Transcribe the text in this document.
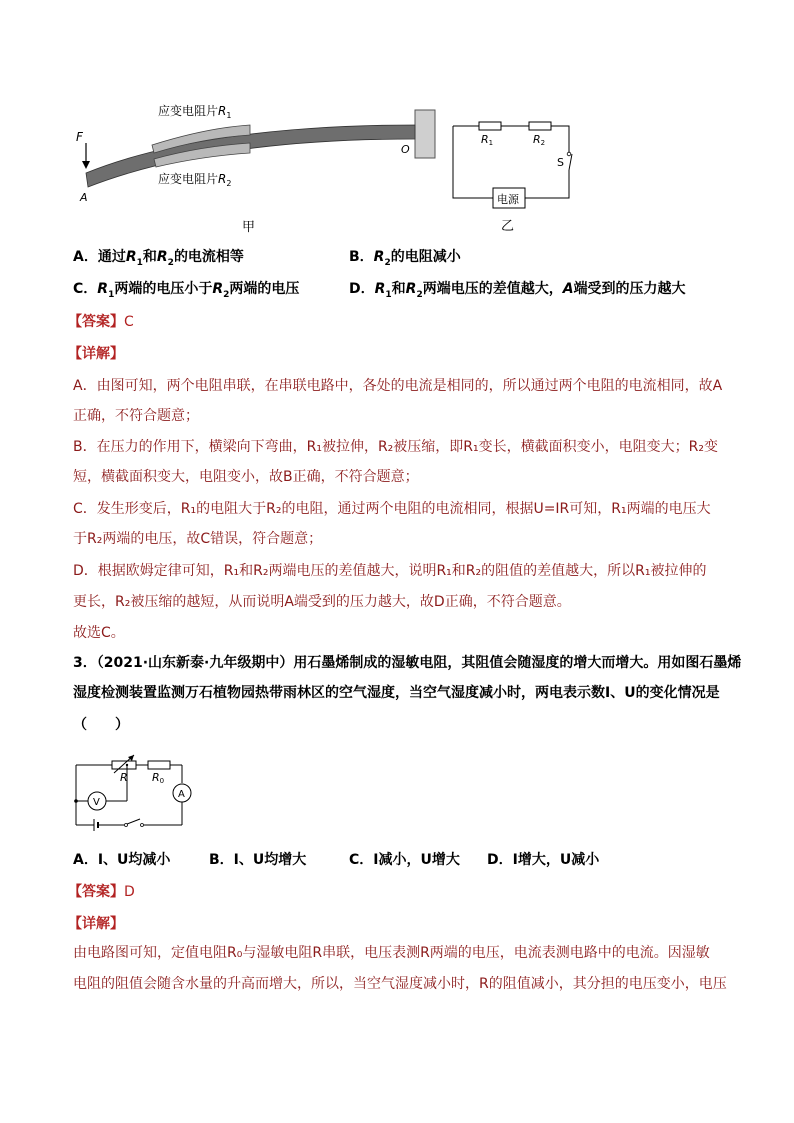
F
A
O
应变电阻片$R_1$
应变电阻片$R_2$
甲
R1	R2
S
电源
乙
A．通过$R_1$和$R_2$的电流相等	B．$R_2$的电阻减小
C．$R_1$两端的电压小于$R_2$两端的电压	D．$R_1$和$R_2$两端电压的差值越大，A端受到的压力越大
【答案】C
【详解】
A．由图可知，两个电阻串联，在串联电路中，各处的电流是相同的，所以通过两个电阻的电流相同，故A
正确，不符合题意；
B．在压力的作用下，横梁向下弯曲，R₁被拉伸，R₂被压缩，即R₁变长，横截面积变小，电阻变大；R₂变
短，横截面积变大，电阻变小，故B正确，不符合题意；
C．发生形变后，R₁的电阻大于R₂的电阻，通过两个电阻的电流相同，根据U=IR可知，R₁两端的电压大
于R₂两端的电压，故C错误，符合题意；
D．根据欧姆定律可知，R₁和R₂两端电压的差值越大，说明R₁和R₂的阻值的差值越大，所以R₁被拉伸的
更长，R₂被压缩的越短，从而说明A端受到的压力越大，故D正确，不符合题意。
故选C。
3．（2021·山东新泰·九年级期中）用石墨烯制成的湿敏电阻，其阻值会随湿度的增大而增大。用如图石墨烯
湿度检测装置监测万石植物园热带雨林区的空气湿度，当空气湿度减小时，两电表示数I、U的变化情况是
（　　）
R R0
A
V
A．I、U均减小	B．I、U均增大	C．I减小，U增大 D．I增大，U减小
【答案】D
【详解】
由电路图可知，定值电阻R₀与湿敏电阻R串联，电压表测R两端的电压，电流表测电路中的电流。因湿敏
电阻的阻值会随含水量的升高而增大，所以，当空气湿度减小时，R的阻值减小，其分担的电压变小，电压
